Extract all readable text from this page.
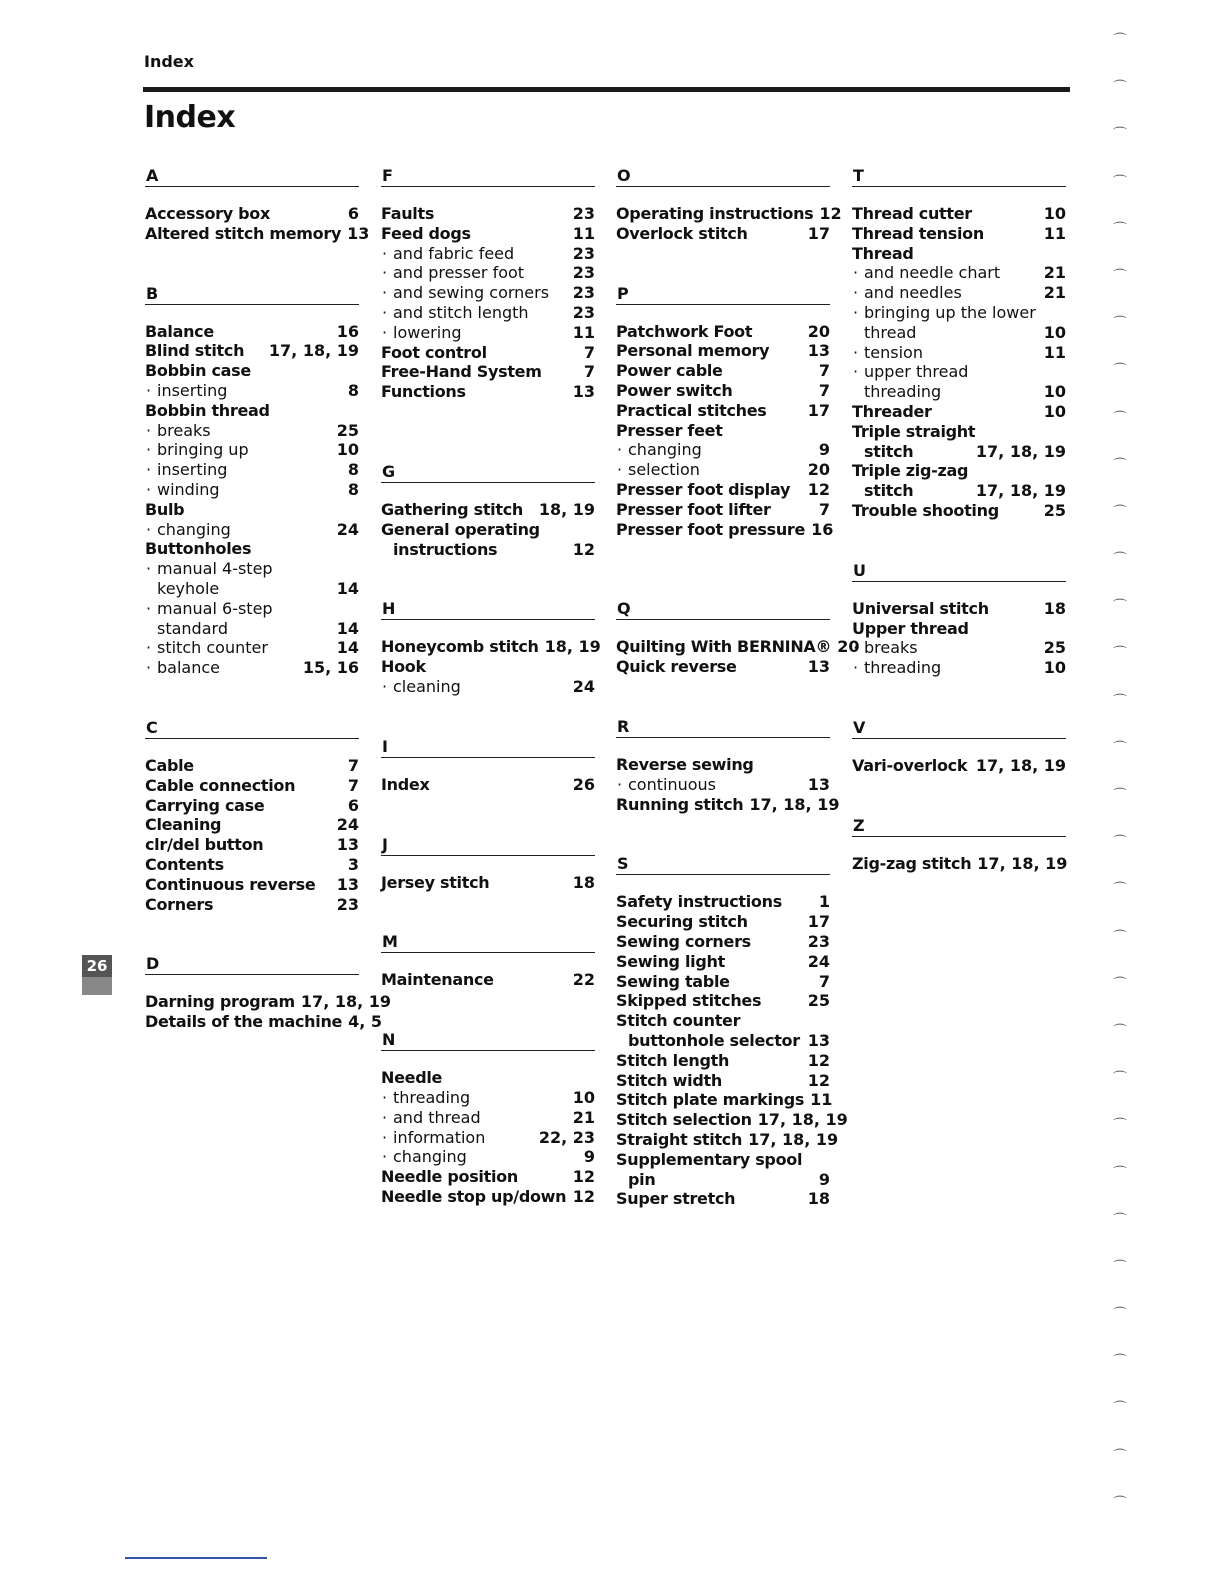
Index
Index
A
Accessory box	6
Altered stitch memory 13
B
Balance	16
Blind stitch	17, 18, 19
Bobbin case
· inserting	8
Bobbin thread
· breaks	25
· bringing up	10
· inserting	8
· winding	8
Bulb
· changing	24
Buttonholes
· manual 4-step
keyhole	14
· manual 6-step
standard	14
· stitch counter	14
· balance	15, 16
C
Cable	7
Cable connection	7
Carrying case	6
Cleaning	24
clr/del button	13
Contents	3
Continuous reverse	13
Corners	23
D
Darning program 17, 18, 19
Details of the machine 4, 5
F
Faults	23
Feed dogs	11
· and fabric feed	23
· and presser foot	23
· and sewing corners	23
· and stitch length	23
· lowering	11
Foot control	7
Free-Hand System	7
Functions	13
G
Gathering stitch 18, 19
General operating
instructions	12
H
Honeycomb stitch 18, 19
Hook
· cleaning	24
I
Index	26
J
Jersey stitch	18
M
Maintenance	22
N
Needle
· threading	10
· and thread	21
· information	22, 23
· changing	9
Needle position	12
Needle stop up/down 12
O
Operating instructions 12
Overlock stitch	17
P
Patchwork Foot	20
Personal memory	13
Power cable	7
Power switch	7
Practical stitches	17
Presser feet
· changing	9
· selection	20
Presser foot display	12
Presser foot lifter	7
Presser foot pressure 16
Q
Quilting With BERNINA® 20
Quick reverse	13
R
Reverse sewing
· continuous	13
Running stitch 17, 18, 19
S
Safety instructions	1
Securing stitch	17
Sewing corners	23
Sewing light	24
Sewing table	7
Skipped stitches	25
Stitch counter
buttonhole selector 13
Stitch length	12
Stitch width	12
Stitch plate markings 11
Stitch selection 17, 18, 19
Straight stitch 17, 18, 19
Supplementary spool
pin	9
Super stretch	18
T
Thread cutter	10
Thread tension	11
Thread
· and needle chart	21
· and needles	21
· bringing up the lower
thread	10
· tension	11
· upper thread
threading	10
Threader	10
Triple straight
stitch	17, 18, 19
Triple zig-zag
stitch	17, 18, 19
Trouble shooting	25
U
Universal stitch	18
Upper thread
· breaks	25
· threading	10
V
Vari-overlock 17, 18, 19
Z
Zig-zag stitch 17, 18, 19
26
⌒
⌒
⌒
⌒
⌒
⌒
⌒
⌒
⌒
⌒
⌒
⌒
⌒
⌒
⌒
⌒
⌒
⌒
⌒
⌒
⌒
⌒
⌒
⌒
⌒
⌒
⌒
⌒
⌒
⌒
⌒
⌒
